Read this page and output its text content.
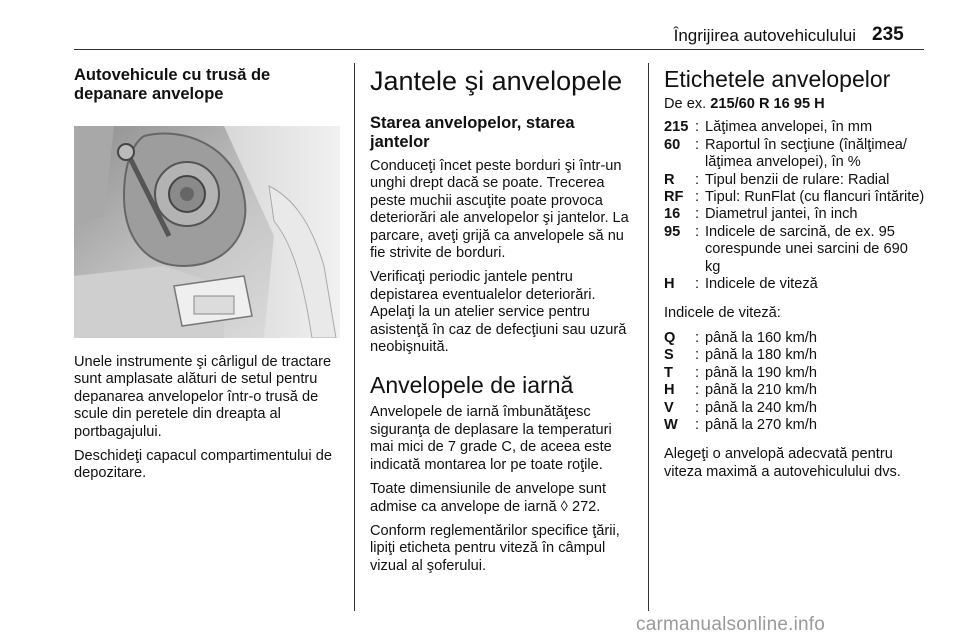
Îngrijirea autovehiculului 235
Autovehicule cu trusă de depanare anvelope

Unele instrumente şi cârligul de tractare sunt amplasate alături de setul pentru depanarea anvelopelor într-o trusă de scule din peretele din dreapta al portbagajului.

Deschideţi capacul compartimentului de depozitare.

Jantele şi anvelopele
Starea anvelopelor, starea jantelor

Conduceţi încet peste borduri şi într-un unghi drept dacă se poate. Trecerea peste muchii ascuţite poate provoca deteriorări ale anvelopelor şi jantelor. La parcare, aveţi grijă ca anvelopele să nu fie strivite de borduri.

Verificaţi periodic jantele pentru depistarea eventualelor deteriorări. Apelaţi la un atelier service pentru asistenţă în caz de defecţiuni sau uzură neobişnuită.

Anvelopele de iarnă

Anvelopele de iarnă îmbunătăţesc siguranţa de deplasare la temperaturi mai mici de 7 grade C, de aceea este indicată montarea lor pe toate roţile.

Toate dimensiunile de anvelope sunt admise ca anvelope de iarnă ◊ 272.

Conform reglementărilor specifice ţării, lipiţi eticheta pentru viteză în câmpul vizual al şoferului.

Etichetele anvelopelor

De ex. 215/60 R 16 95 H

215 : Lăţimea anvelopei, în mm
60	: Raportul în secţiune (înălţimea/ lăţimea anvelopei), în %
R	: Tipul benzii de rulare: Radial
RF : Tipul: RunFlat (cu flancuri întărite)
16	: Diametrul jantei, în inch
95	: Indicele de sarcină, de ex. 95 corespunde unei sarcini de 690 kg
H	: Indicele de viteză

Indicele de viteză:

Q	: până la 160 km/h
S	: până la 180 km/h
T	: până la 190 km/h
H	: până la 210 km/h
V	: până la 240 km/h
W	: până la 270 km/h

Alegeţi o anvelopă adecvată pentru viteza maximă a autovehiculului dvs.

carmanualsonline.info
